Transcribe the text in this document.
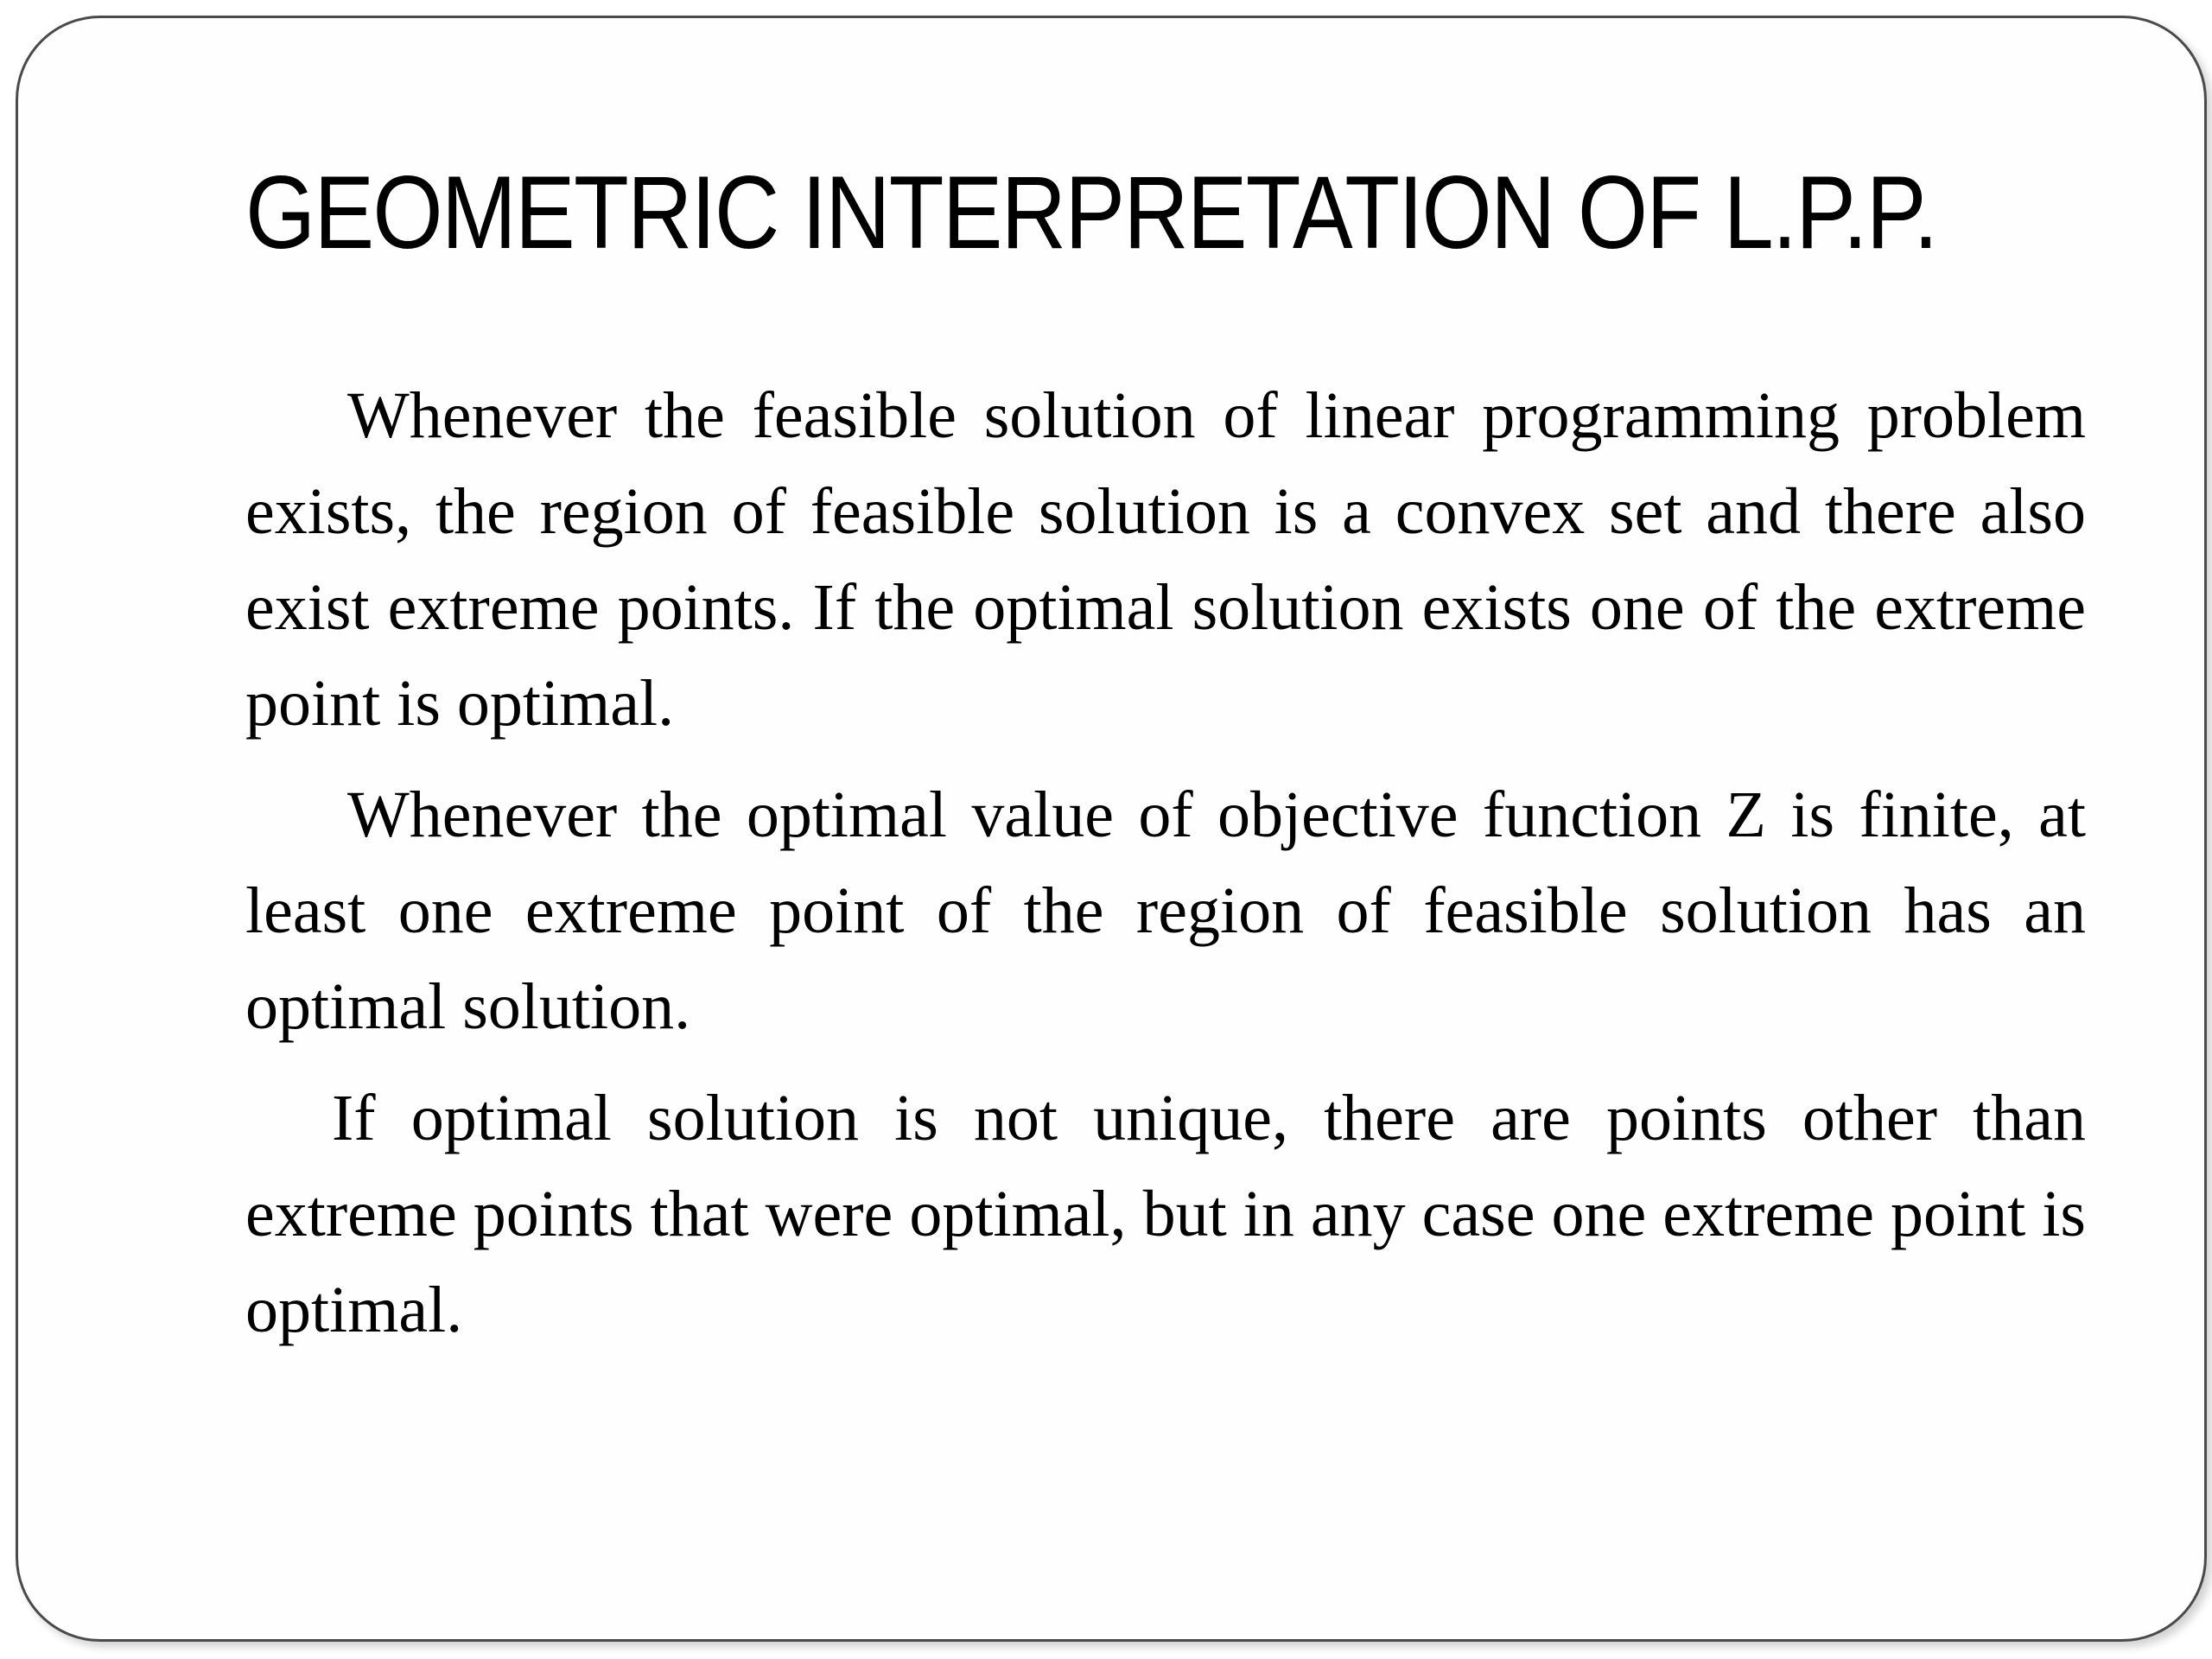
GEOMETRIC INTERPRETATION OF L.P.P.

Whenever the feasible solution of linear programming problem exists, the region of feasible solution is a convex set and there also exist extreme points. If the optimal solution exists one of the extreme point is optimal.

Whenever the optimal value of objective function Z is finite, at least one extreme point of the region of feasible solution has an optimal solution.

If optimal solution is not unique, there are points other than extreme points that were optimal, but in any case one extreme point is optimal.
